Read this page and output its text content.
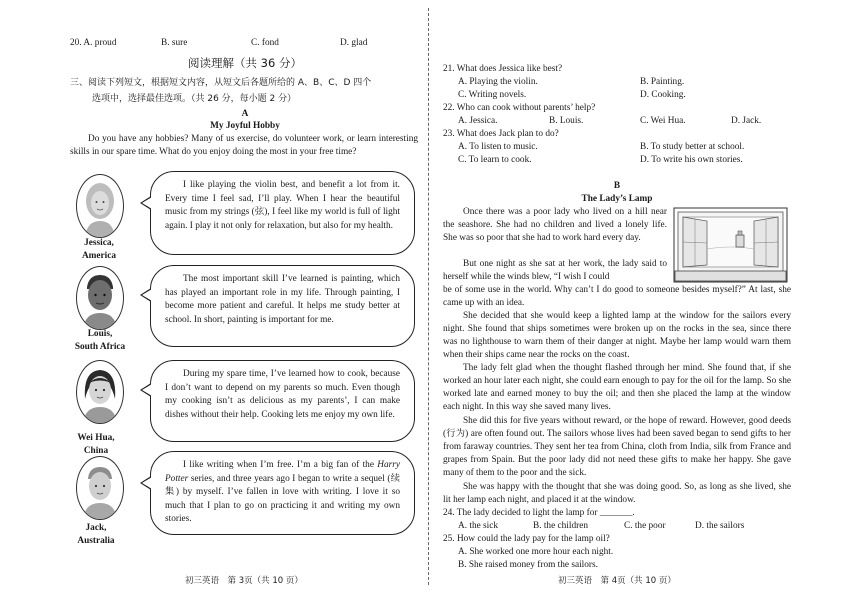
20. A. proud	B. sure	C. fond	D. glad
阅读理解（共 36 分）
三、阅读下列短文，根据短文内容，从短文后各题所给的 A、B、C、D 四个
选项中，选择最佳选项。（共 26 分，每小题 2 分）
A
My Joyful Hobby

Do you have any hobbies? Many of us exercise, do volunteer work, or learn interesting skills in our spare time. What do you enjoy doing the most in your free time?

Jessica,
America

I like playing the violin best, and benefit a lot from it. Every time I feel sad, I’ll play. When I hear the beautiful music from my strings (弦), I feel like my world is full of light again. I play it not only for relaxation, but also for my health.

Louis,
South Africa

The most important skill I’ve learned is painting, which has played an important role in my life. Through painting, I become more patient and careful. It helps me study better at school. In short, painting is important for me.

Wei Hua,
China

During my spare time, I’ve learned how to cook, because I don’t want to depend on my parents so much. Even though my cooking isn’t as delicious as my parents’, I can make dishes without their help. Cooking lets me enjoy my own life.

Jack,
Australia

I like writing when I’m free. I’m a big fan of the Harry Potter series, and three years ago I began to write a sequel (续集) by myself. I’ve fallen in love with writing. I love it so much that I plan to go on practicing it and writing my own stories.

初三英语　第 3页（共 10 页）
21. What does Jessica like best?
A. Playing the violin.	B. Painting.
C. Writing novels.	D. Cooking.
22. Who can cook without parents’ help?
A. Jessica.	B. Louis.	C. Wei Hua.	D. Jack.
23. What does Jack plan to do?
A. To listen to music.	B. To study better at school.
C. To learn to cook.	D. To write his own stories.
B
The Lady’s Lamp

Once there was a poor lady who lived on a hill near the seashore. She had no children and lived a lonely life. She was so poor that she had to work hard every day.

But one night as she sat at her work, the lady said to herself while the winds blew, “I wish I could

be of some use in the world. Why can’t I do good to someone besides myself?” At last, she came up with an idea.

She decided that she would keep a lighted lamp at the window for the sailors every night. She found that ships sometimes were broken up on the rocks in the sea, since there was no lighthouse to warn them of their danger at night. Maybe her lamp would warn them when their ships came near the rocks on the coast.

The lady felt glad when the thought flashed through her mind. She found that, if she worked an hour later each night, she could earn enough to pay for the oil for the lamp. So she worked late and earned money to buy the oil; and then she placed the lamp at the window each night. In this way she saved many lives.

She did this for five years without reward, or the hope of reward. However, good deeds (行为) are often found out. The sailors whose lives had been saved began to send gifts to her from faraway countries. They sent her tea from China, cloth from India, silk from France and grapes from Spain. But the poor lady did not need these gifts to make her happy. She gave many of them to the poor and the sick.

She was happy with the thought that she was doing good. So, as long as she lived, she lit her lamp each night, and placed it at the window.

24. The lady decided to light the lamp for _______.
A. the sick	B. the children	C. the poor	D. the sailors
25. How could the lady pay for the lamp oil?
A. She worked one more hour each night.
B. She raised money from the sailors.
初三英语　第 4页（共 10 页）
